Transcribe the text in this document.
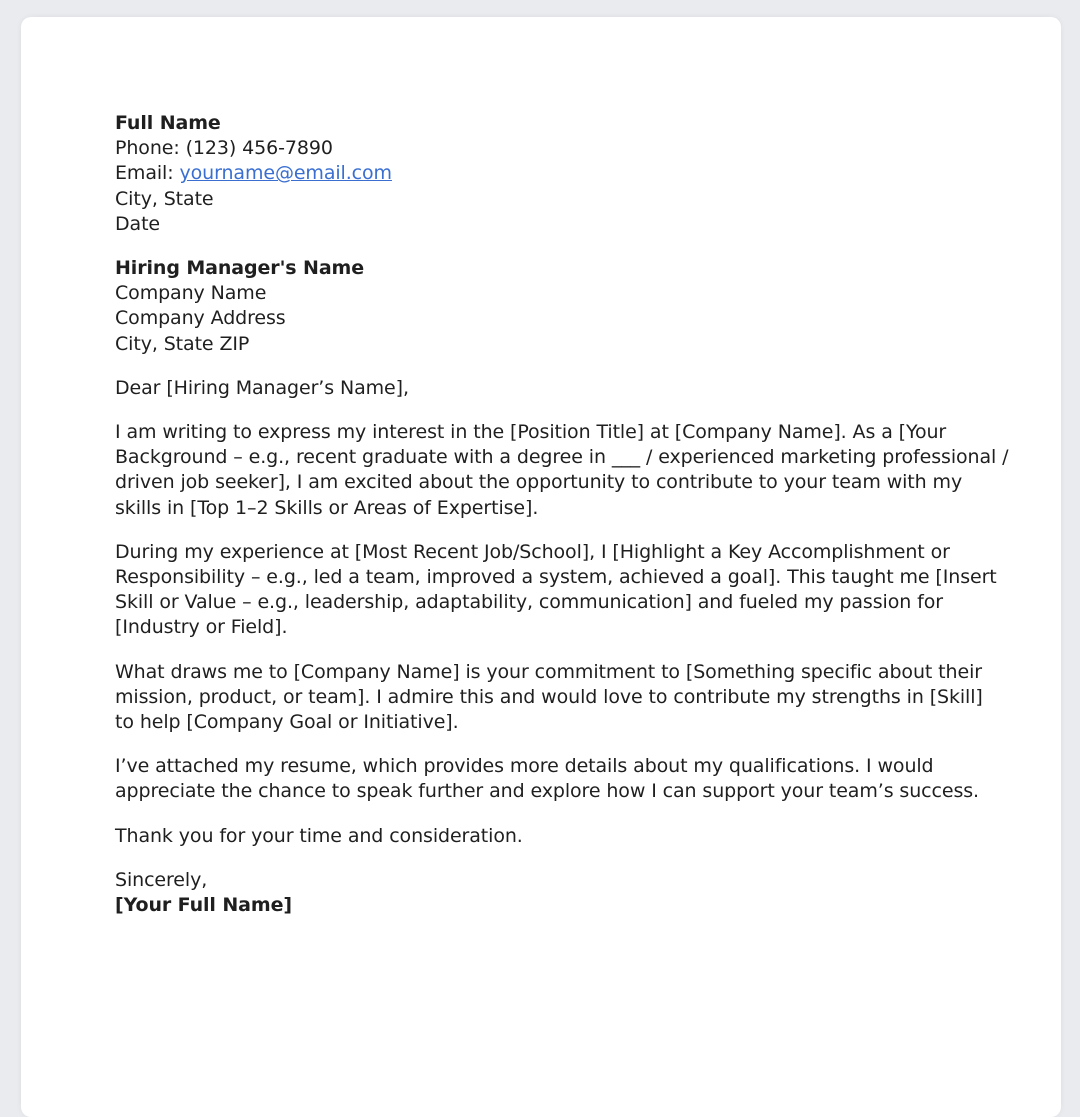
Full Name
Phone: (123) 456-7890
Email: yourname@email.com
City, State
Date
Hiring Manager's Name
Company Name
Company Address
City, State ZIP

Dear [Hiring Manager’s Name],

I am writing to express my interest in the [Position Title] at [Company Name]. As a [Your
Background – e.g., recent graduate with a degree in ___ / experienced marketing professional /
driven job seeker], I am excited about the opportunity to contribute to your team with my
skills in [Top 1–2 Skills or Areas of Expertise].

During my experience at [Most Recent Job/School], I [Highlight a Key Accomplishment or
Responsibility – e.g., led a team, improved a system, achieved a goal]. This taught me [Insert
Skill or Value – e.g., leadership, adaptability, communication] and fueled my passion for
[Industry or Field].

What draws me to [Company Name] is your commitment to [Something specific about their
mission, product, or team]. I admire this and would love to contribute my strengths in [Skill]
to help [Company Goal or Initiative].

I’ve attached my resume, which provides more details about my qualifications. I would
appreciate the chance to speak further and explore how I can support your team’s success.

Thank you for your time and consideration.

Sincerely,
[Your Full Name]
